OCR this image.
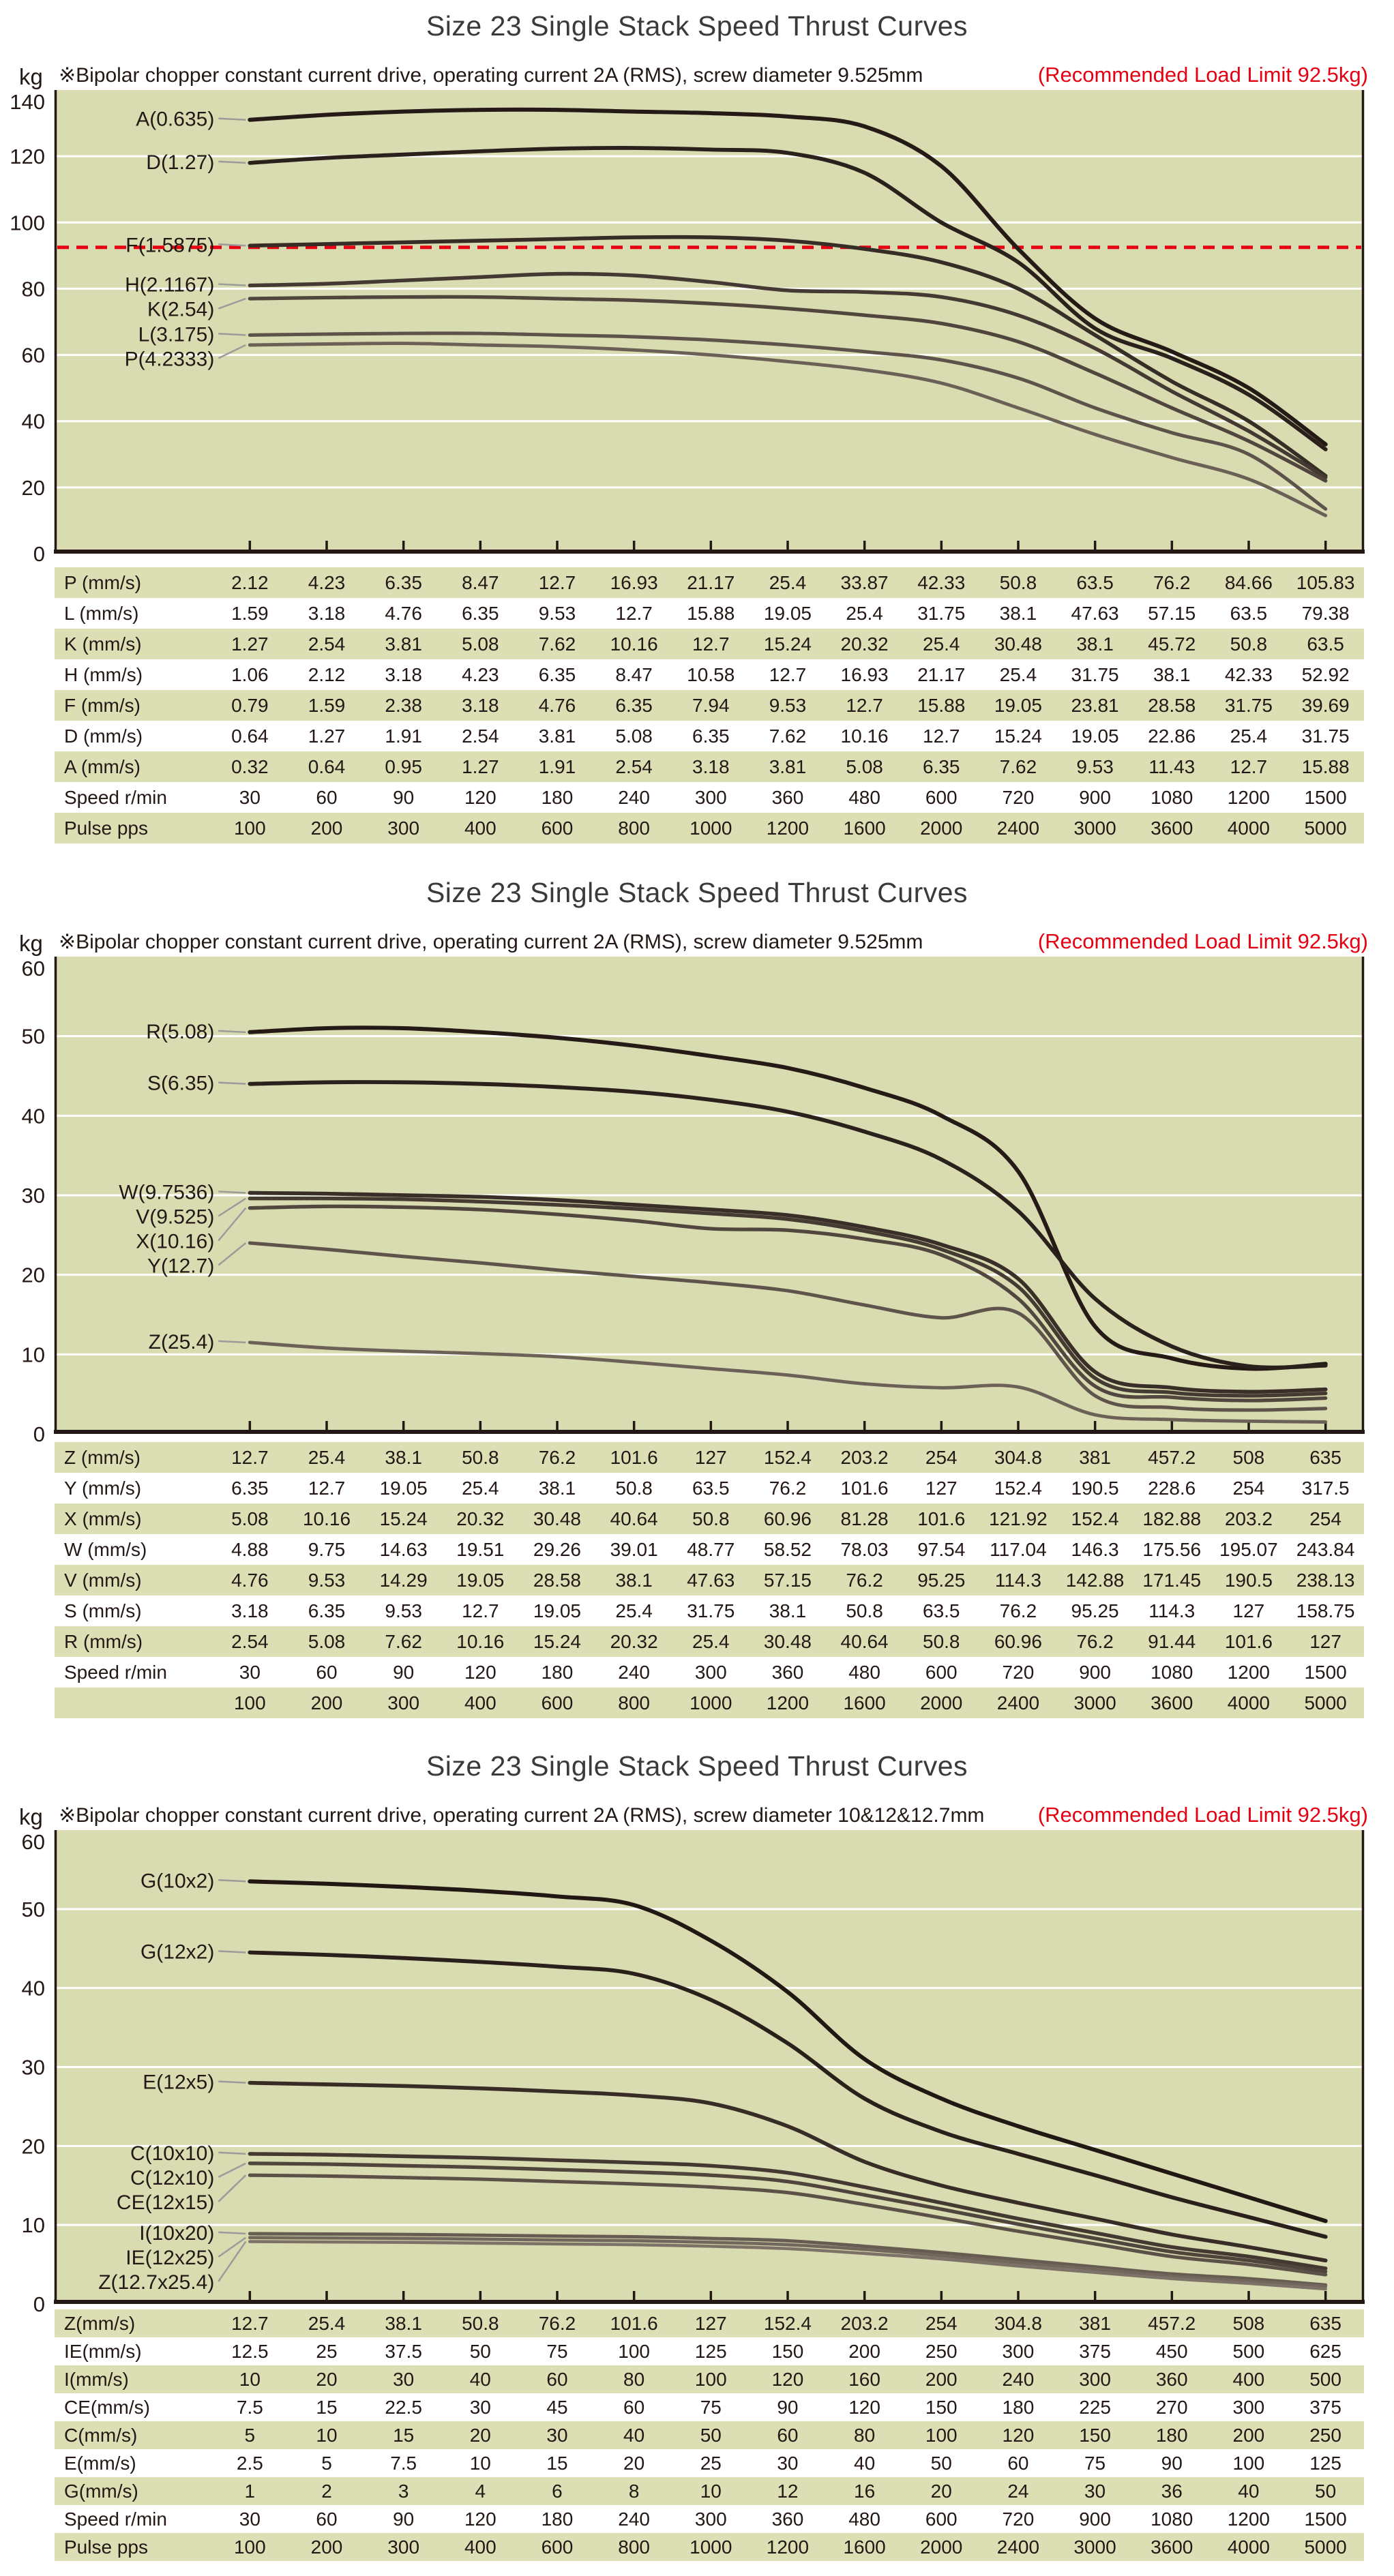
Size 23 Single Stack Speed Thrust Curves
kg ※Bipolar chopper constant current drive, operating current 2A (RMS), screw diameter 9.525mm	(Recommended Load Limit 92.5kg)
0
20
40
60
80
100
120
140
A(0.635)
D(1.27)
F(1.5875)
H(2.1167)
K(2.54)
L(3.175)
P(4.2333)
P (mm/s)	2.12	4.23	6.35	8.47	12.7	16.93	21.17	25.4	33.87	42.33	50.8	63.5	76.2	84.66	105.83
L (mm/s)	1.59	3.18	4.76	6.35	9.53	12.7	15.88	19.05	25.4	31.75	38.1	47.63	57.15	63.5	79.38
K (mm/s)	1.27	2.54	3.81	5.08	7.62	10.16	12.7	15.24	20.32	25.4	30.48	38.1	45.72	50.8	63.5
H (mm/s)	1.06	2.12	3.18	4.23	6.35	8.47	10.58	12.7	16.93	21.17	25.4	31.75	38.1	42.33	52.92
F (mm/s)	0.79	1.59	2.38	3.18	4.76	6.35	7.94	9.53	12.7	15.88	19.05	23.81	28.58	31.75	39.69
D (mm/s)	0.64	1.27	1.91	2.54	3.81	5.08	6.35	7.62	10.16	12.7	15.24	19.05	22.86	25.4	31.75
A (mm/s)	0.32	0.64	0.95	1.27	1.91	2.54	3.18	3.81	5.08	6.35	7.62	9.53	11.43	12.7	15.88
Speed r/min	30	60	90	120	180	240	300	360	480	600	720	900	1080	1200	1500
Pulse pps	100	200	300	400	600	800	1000	1200	1600	2000	2400	3000	3600	4000	5000
Size 23 Single Stack Speed Thrust Curves
kg ※Bipolar chopper constant current drive, operating current 2A (RMS), screw diameter 9.525mm	(Recommended Load Limit 92.5kg)
0
10
20
30
40
50
60
R(5.08)
S(6.35)
W(9.7536)
V(9.525)
X(10.16)
Y(12.7)
Z(25.4)
Z (mm/s)	12.7	25.4	38.1	50.8	76.2	101.6	127	152.4	203.2	254	304.8	381	457.2	508	635
Y (mm/s)	6.35	12.7	19.05	25.4	38.1	50.8	63.5	76.2	101.6	127	152.4	190.5	228.6	254	317.5
X (mm/s)	5.08	10.16	15.24	20.32	30.48	40.64	50.8	60.96	81.28	101.6	121.92	152.4	182.88	203.2	254
W (mm/s)	4.88	9.75	14.63	19.51	29.26	39.01	48.77	58.52	78.03	97.54	117.04	146.3	175.56	195.07	243.84
V (mm/s)	4.76	9.53	14.29	19.05	28.58	38.1	47.63	57.15	76.2	95.25	114.3	142.88	171.45	190.5	238.13
S (mm/s)	3.18	6.35	9.53	12.7	19.05	25.4	31.75	38.1	50.8	63.5	76.2	95.25	114.3	127	158.75
R (mm/s)	2.54	5.08	7.62	10.16	15.24	20.32	25.4	30.48	40.64	50.8	60.96	76.2	91.44	101.6	127
Speed r/min	30	60	90	120	180	240	300	360	480	600	720	900	1080	1200	1500
	100	200	300	400	600	800	1000	1200	1600	2000	2400	3000	3600	4000	5000
Size 23 Single Stack Speed Thrust Curves
kg ※Bipolar chopper constant current drive, operating current 2A (RMS), screw diameter 10&12&12.7mm	(Recommended Load Limit 92.5kg)
0
10
20
30
40
50
60
G(10x2)
G(12x2)
E(12x5)
C(10x10)
C(12x10)
CE(12x15)
I(10x20)
IE(12x25)
Z(12.7x25.4)
Z(mm/s)	12.7	25.4	38.1	50.8	76.2	101.6	127	152.4	203.2	254	304.8	381	457.2	508	635
IE(mm/s)	12.5	25	37.5	50	75	100	125	150	200	250	300	375	450	500	625
I(mm/s)	10	20	30	40	60	80	100	120	160	200	240	300	360	400	500
CE(mm/s)	7.5	15	22.5	30	45	60	75	90	120	150	180	225	270	300	375
C(mm/s)	5	10	15	20	30	40	50	60	80	100	120	150	180	200	250
E(mm/s)	2.5	5	7.5	10	15	20	25	30	40	50	60	75	90	100	125
G(mm/s)	1	2	3	4	6	8	10	12	16	20	24	30	36	40	50
Speed r/min	30	60	90	120	180	240	300	360	480	600	720	900	1080	1200	1500
Pulse pps	100	200	300	400	600	800	1000	1200	1600	2000	2400	3000	3600	4000	5000
